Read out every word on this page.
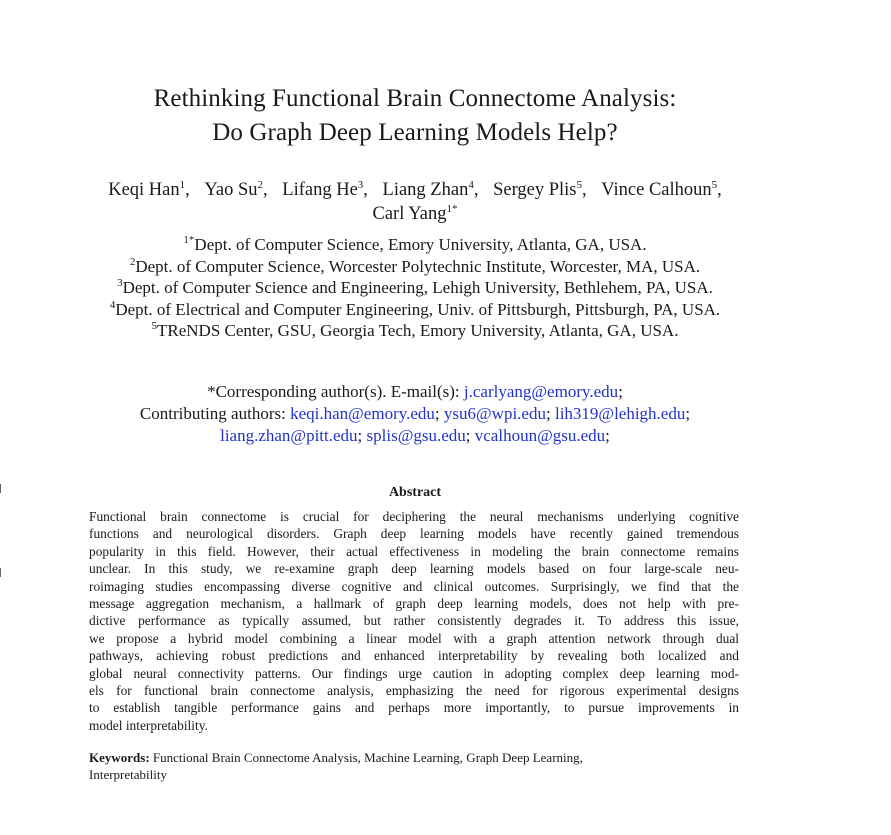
Rethinking Functional Brain Connectome Analysis:
Do Graph Deep Learning Models Help?
Keqi Han$^1$, Yao Su$^2$, Lifang He$^3$, Liang Zhan$^4$, Sergey Plis$^5$, Vince Calhoun$^5$,
Carl Yang$^{1*}$
$^{1*}$Dept. of Computer Science, Emory University, Atlanta, GA, USA.
$^2$Dept. of Computer Science, Worcester Polytechnic Institute, Worcester, MA, USA.
$^3$Dept. of Computer Science and Engineering, Lehigh University, Bethlehem, PA, USA.
$^4$Dept. of Electrical and Computer Engineering, Univ. of Pittsburgh, Pittsburgh, PA, USA.
$^5$TReNDS Center, GSU, Georgia Tech, Emory University, Atlanta, GA, USA.
*Corresponding author(s). E-mail(s): j.carlyang@emory.edu;
Contributing authors: keqi.han@emory.edu; ysu6@wpi.edu; lih319@lehigh.edu;
liang.zhan@pitt.edu; splis@gsu.edu; vcalhoun@gsu.edu;
Abstract
Functional brain connectome is crucial for deciphering the neural mechanisms underlying cognitive
functions and neurological disorders. Graph deep learning models have recently gained tremendous
popularity in this field. However, their actual effectiveness in modeling the brain connectome remains
unclear. In this study, we re-examine graph deep learning models based on four large-scale neu-
roimaging studies encompassing diverse cognitive and clinical outcomes. Surprisingly, we find that the
message aggregation mechanism, a hallmark of graph deep learning models, does not help with pre-
dictive performance as typically assumed, but rather consistently degrades it. To address this issue,
we propose a hybrid model combining a linear model with a graph attention network through dual
pathways, achieving robust predictions and enhanced interpretability by revealing both localized and
global neural connectivity patterns. Our findings urge caution in adopting complex deep learning mod-
els for functional brain connectome analysis, emphasizing the need for rigorous experimental designs
to establish tangible performance gains and perhaps more importantly, to pursue improvements in
model interpretability.
Keywords: Functional Brain Connectome Analysis, Machine Learning, Graph Deep Learning,
Interpretability
